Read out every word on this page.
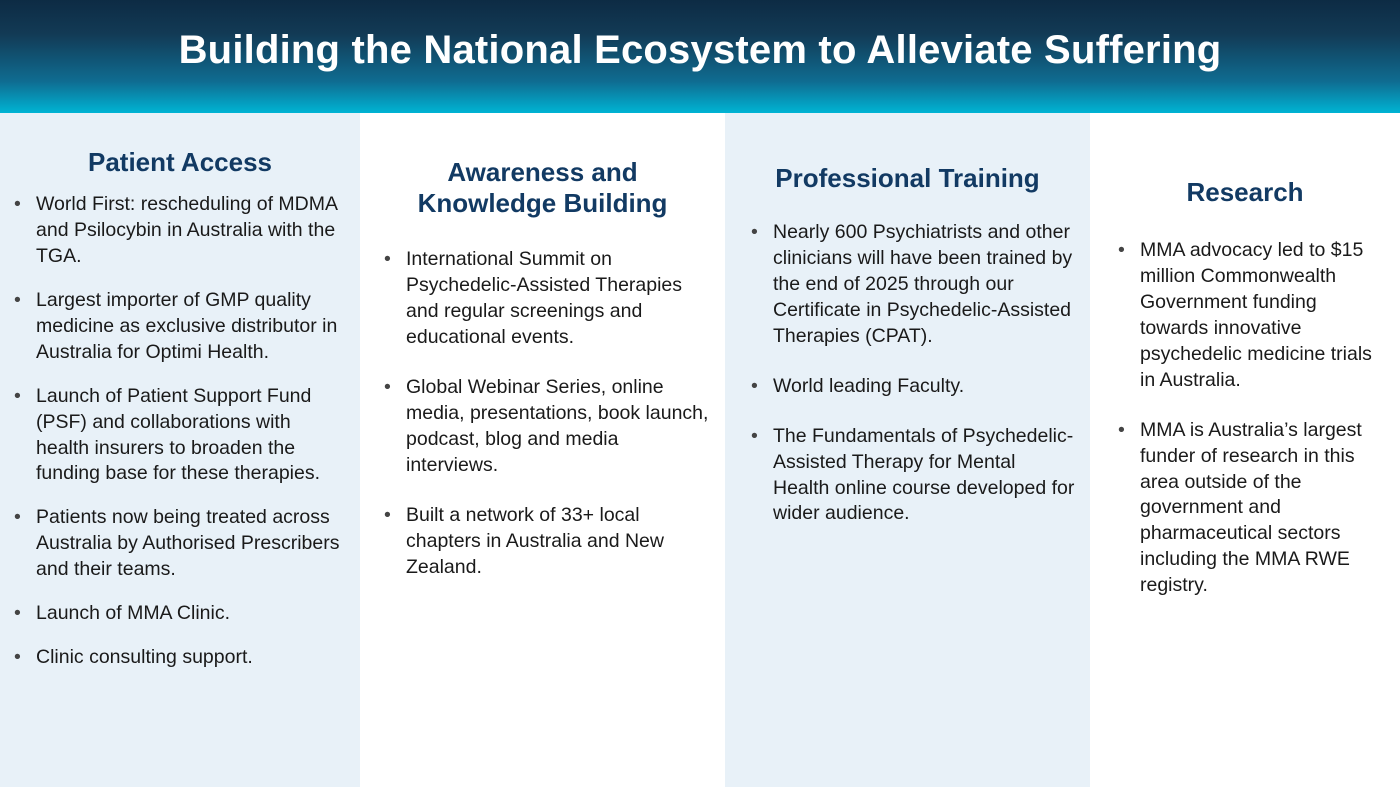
Building the National Ecosystem to Alleviate Suffering
Patient Access
• World First: rescheduling of MDMA and Psilocybin in Australia with the TGA.
• Largest importer of GMP quality medicine as exclusive distributor in Australia for Optimi Health.
• Launch of Patient Support Fund (PSF) and collaborations with health insurers to broaden the funding base for these therapies.
• Patients now being treated across Australia by Authorised Prescribers and their teams.
• Launch of MMA Clinic.
• Clinic consulting support.
Awareness and Knowledge Building
• International Summit on Psychedelic-Assisted Therapies and regular screenings and educational events.
• Global Webinar Series, online media, presentations, book launch, podcast, blog and media interviews.
• Built a network of 33+ local chapters in Australia and New Zealand.
Professional Training
• Nearly 600 Psychiatrists and other clinicians will have been trained by the end of 2025 through our Certificate in Psychedelic-Assisted Therapies (CPAT).
• World leading Faculty.
• The Fundamentals of Psychedelic-Assisted Therapy for Mental Health online course developed for wider audience.
Research
• MMA advocacy led to $15 million Commonwealth Government funding towards innovative psychedelic medicine trials in Australia.
• MMA is Australia’s largest funder of research in this area outside of the government and pharmaceutical sectors including the MMA RWE registry.
